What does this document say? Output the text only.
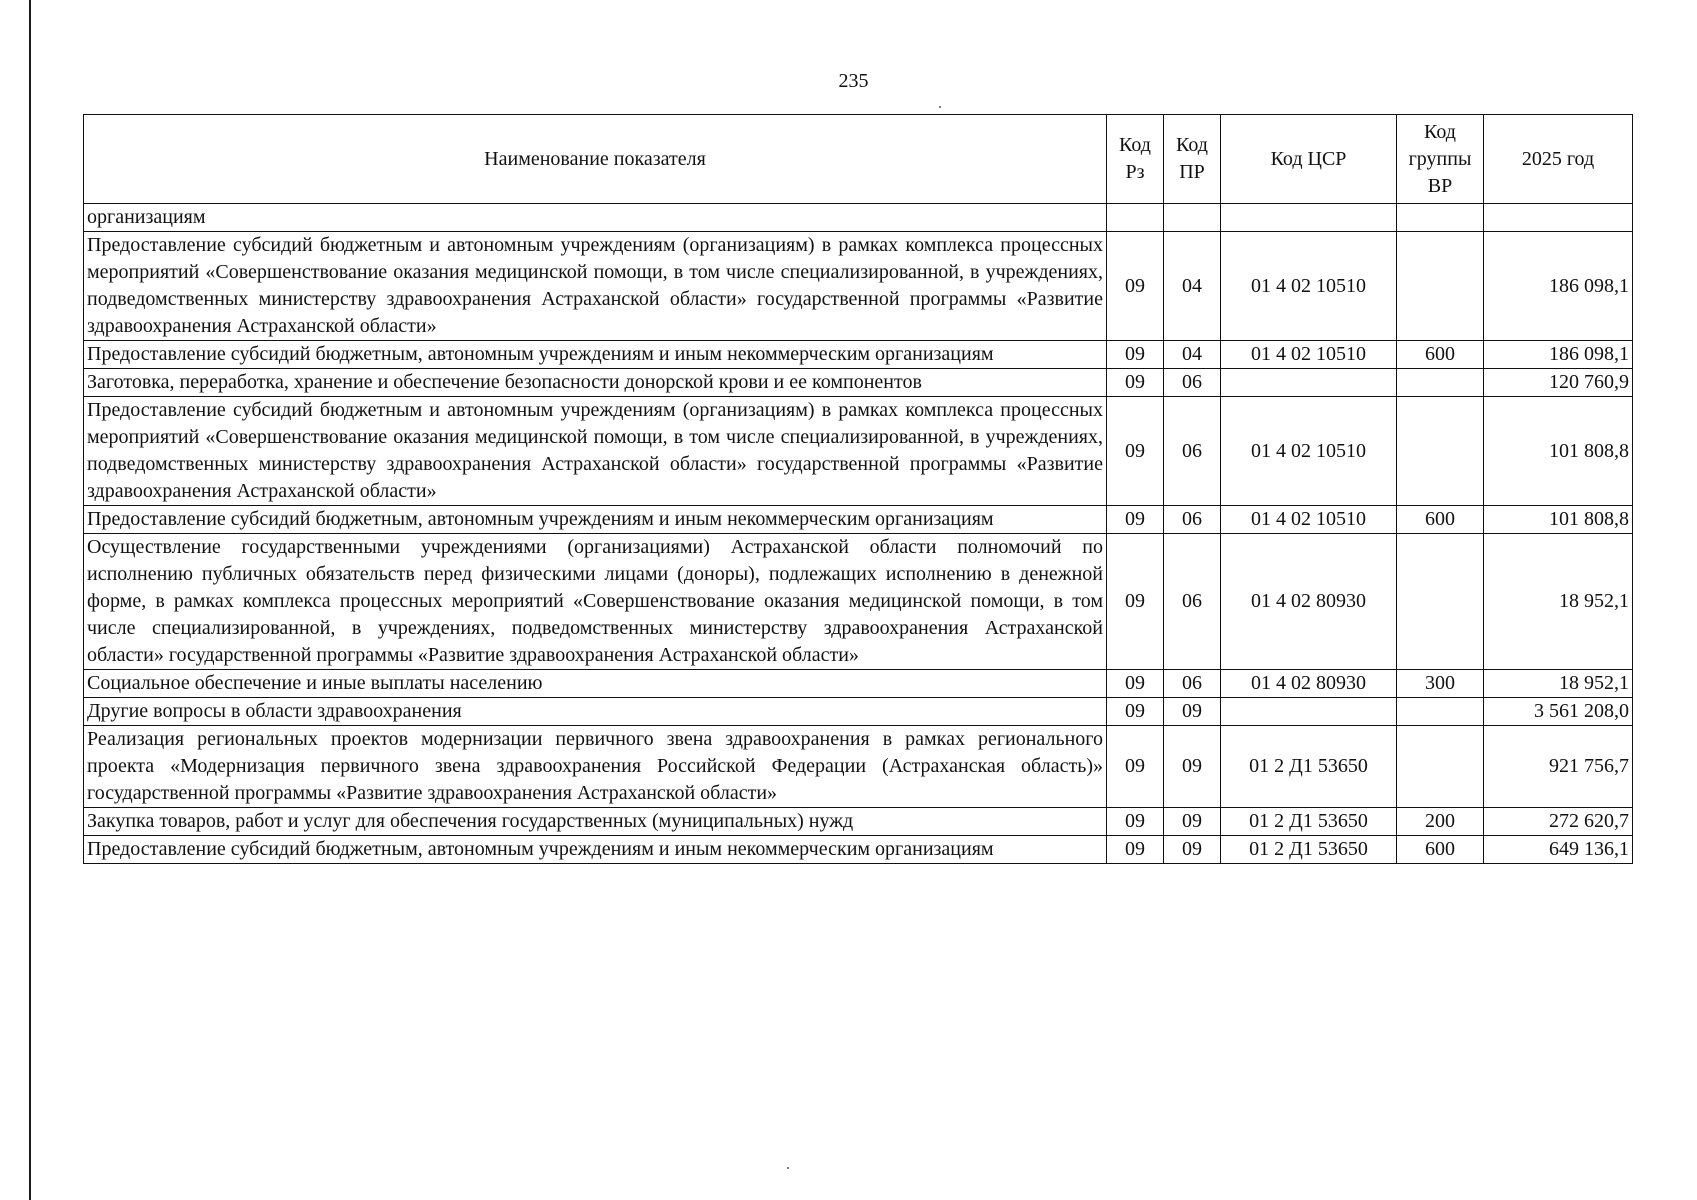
235
Наименование показателя	Код Рз	Код ПР	Код ЦСР	Код группы ВР	2025 год
организациям					
Предоставление субсидий бюджетным и автономным учреждениям (организациям) в рамках комплекса процессных мероприятий «Совершенствование оказания медицинской помощи, в том числе специализированной, в учреждениях, подведомственных министерству здравоохранения Астраханской области» государственной программы «Развитие здравоохранения Астраханской области»	09	04	01 4 02 10510		186 098,1
Предоставление субсидий бюджетным, автономным учреждениям и иным некоммерческим организациям	09	04	01 4 02 10510	600	186 098,1
Заготовка, переработка, хранение и обеспечение безопасности донорской крови и ее компонентов	09	06			120 760,9
Предоставление субсидий бюджетным и автономным учреждениям (организациям) в рамках комплекса процессных мероприятий «Совершенствование оказания медицинской помощи, в том числе специализированной, в учреждениях, подведомственных министерству здравоохранения Астраханской области» государственной программы «Развитие здравоохранения Астраханской области»	09	06	01 4 02 10510		101 808,8
Предоставление субсидий бюджетным, автономным учреждениям и иным некоммерческим организациям	09	06	01 4 02 10510	600	101 808,8
Осуществление государственными учреждениями (организациями) Астраханской области полномочий по исполнению публичных обязательств перед физическими лицами (доноры), подлежащих исполнению в денежной форме, в рамках комплекса процессных мероприятий «Совершенствование оказания медицинской помощи, в том числе специализированной, в учреждениях, подведомственных министерству здравоохранения Астраханской области» государственной программы «Развитие здравоохранения Астраханской области»	09	06	01 4 02 80930		18 952,1
Социальное обеспечение и иные выплаты населению	09	06	01 4 02 80930	300	18 952,1
Другие вопросы в области здравоохранения	09	09			3 561 208,0
Реализация региональных проектов модернизации первичного звена здравоохранения в рамках регионального проекта «Модернизация первичного звена здравоохранения Российской Федерации (Астраханская область)» государственной программы «Развитие здравоохранения Астраханской области»	09	09	01 2 Д1 53650		921 756,7
Закупка товаров, работ и услуг для обеспечения государственных (муниципальных) нужд	09	09	01 2 Д1 53650	200	272 620,7
Предоставление субсидий бюджетным, автономным учреждениям и иным некоммерческим организациям	09	09	01 2 Д1 53650	600	649 136,1
